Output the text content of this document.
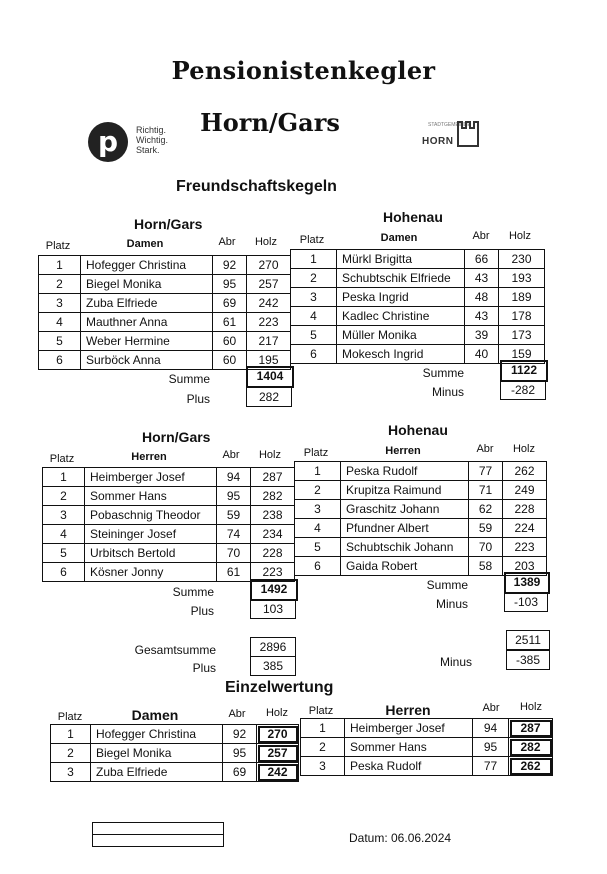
Pensionistenkegler
Horn/Gars
p	Richtig.
Wichtig.
Stark.
STADTGEMEINDE
HORN
Freundschaftskegeln
Horn/Gars	Hohenau
Platz	Damen	Abr	Holz	Platz	Damen	Abr	Holz
1	Hofegger Christina	92	270
2	Biegel Monika	95	257
3	Zuba Elfriede	69	242
4	Mauthner Anna	61	223
5	Weber Hermine	60	217
6	Surböck Anna	60	195
1	Mürkl Brigitta	66	230
2	Schubtschik Elfriede	43	193
3	Peska Ingrid	48	189
4	Kadlec Christine	43	178
5	Müller Monika	39	173
6	Mokesch Ingrid	40	159
Summe	1404
Plus	282
Summe	1122
Minus	-282
Horn/Gars	Hohenau
Platz	Herren	Abr	Holz	Platz	Herren	Abr	Holz
1	Heimberger Josef	94	287
2	Sommer Hans	95	282
3	Pobaschnig Theodor	59	238
4	Steininger Josef	74	234
5	Urbitsch Bertold	70	228
6	Kösner Jonny	61	223
1	Peska Rudolf	77	262
2	Krupitza Raimund	71	249
3	Graschitz Johann	62	228
4	Pfundner Albert	59	224
5	Schubtschik Johann	70	223
6	Gaida Robert	58	203
Summe	1492
Plus	103
Summe	1389
Minus	-103
Gesamtsumme	2896
Plus	385
2511
Minus	-385
Einzelwertung
Platz	Damen	Abr	Holz	Platz	Herren	Abr	Holz
1	Hofegger Christina	92	270
2	Biegel Monika	95	257
3	Zuba Elfriede	69	242
1	Heimberger Josef	94	287
2	Sommer Hans	95	282
3	Peska Rudolf	77	262
Datum: 06.06.2024
